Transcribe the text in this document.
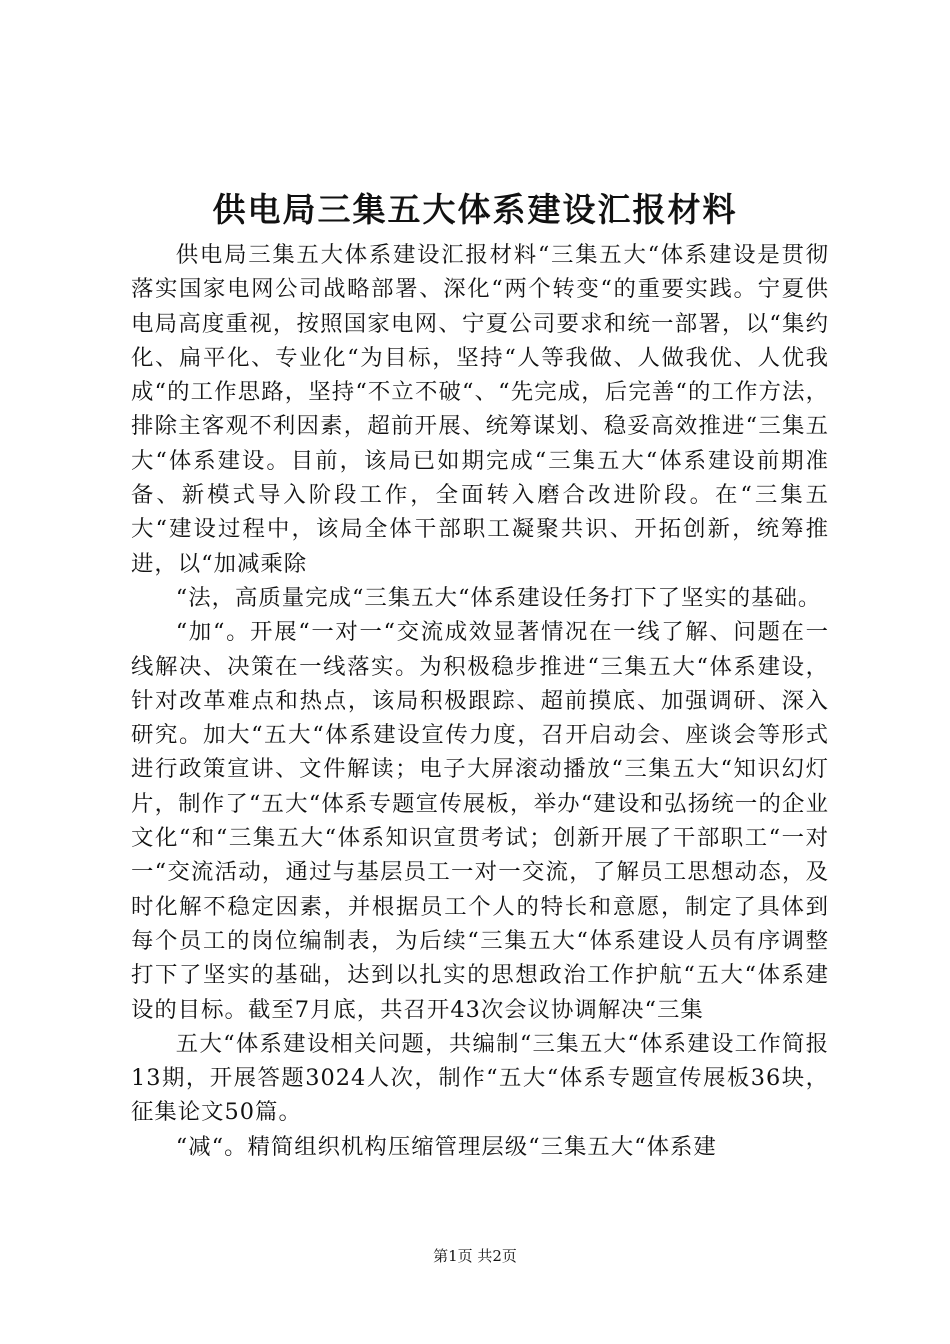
供电局三集五大体系建设汇报材料

供电局三集五大体系建设汇报材料“三集五大“体系建设是贯彻落实国家电网公司战略部署、深化“两个转变“的重要实践。宁夏供电局高度重视，按照国家电网、宁夏公司要求和统一部署，以“集约化、扁平化、专业化“为目标，坚持“人等我做、人做我优、人优我成“的工作思路，坚持“不立不破“、“先完成，后完善“的工作方法，排除主客观不利因素，超前开展、统筹谋划、稳妥高效推进“三集五大“体系建设。目前，该局已如期完成“三集五大“体系建设前期准备、新模式导入阶段工作，全面转入磨合改进阶段。在“三集五大“建设过程中，该局全体干部职工凝聚共识、开拓创新，统筹推进，以“加减乘除

“法，高质量完成“三集五大“体系建设任务打下了坚实的基础。

“加“。开展“一对一“交流成效显著情况在一线了解、问题在一线解决、决策在一线落实。为积极稳步推进“三集五大“体系建设，针对改革难点和热点，该局积极跟踪、超前摸底、加强调研、深入研究。加大“五大“体系建设宣传力度，召开启动会、座谈会等形式进行政策宣讲、文件解读；电子大屏滚动播放“三集五大“知识幻灯片，制作了“五大“体系专题宣传展板，举办“建设和弘扬统一的企业文化“和“三集五大“体系知识宣贯考试；创新开展了干部职工“一对一“交流活动，通过与基层员工一对一交流，了解员工思想动态，及时化解不稳定因素，并根据员工个人的特长和意愿，制定了具体到每个员工的岗位编制表，为后续“三集五大“体系建设人员有序调整打下了坚实的基础，达到以扎实的思想政治工作护航“五大“体系建设的目标。截至7月底，共召开43次会议协调解决“三集

五大“体系建设相关问题，共编制“三集五大“体系建设工作简报13期，开展答题3024人次，制作“五大“体系专题宣传展板36块，征集论文50篇。

“减“。精简组织机构压缩管理层级“三集五大“体系建

第1页 共2页
